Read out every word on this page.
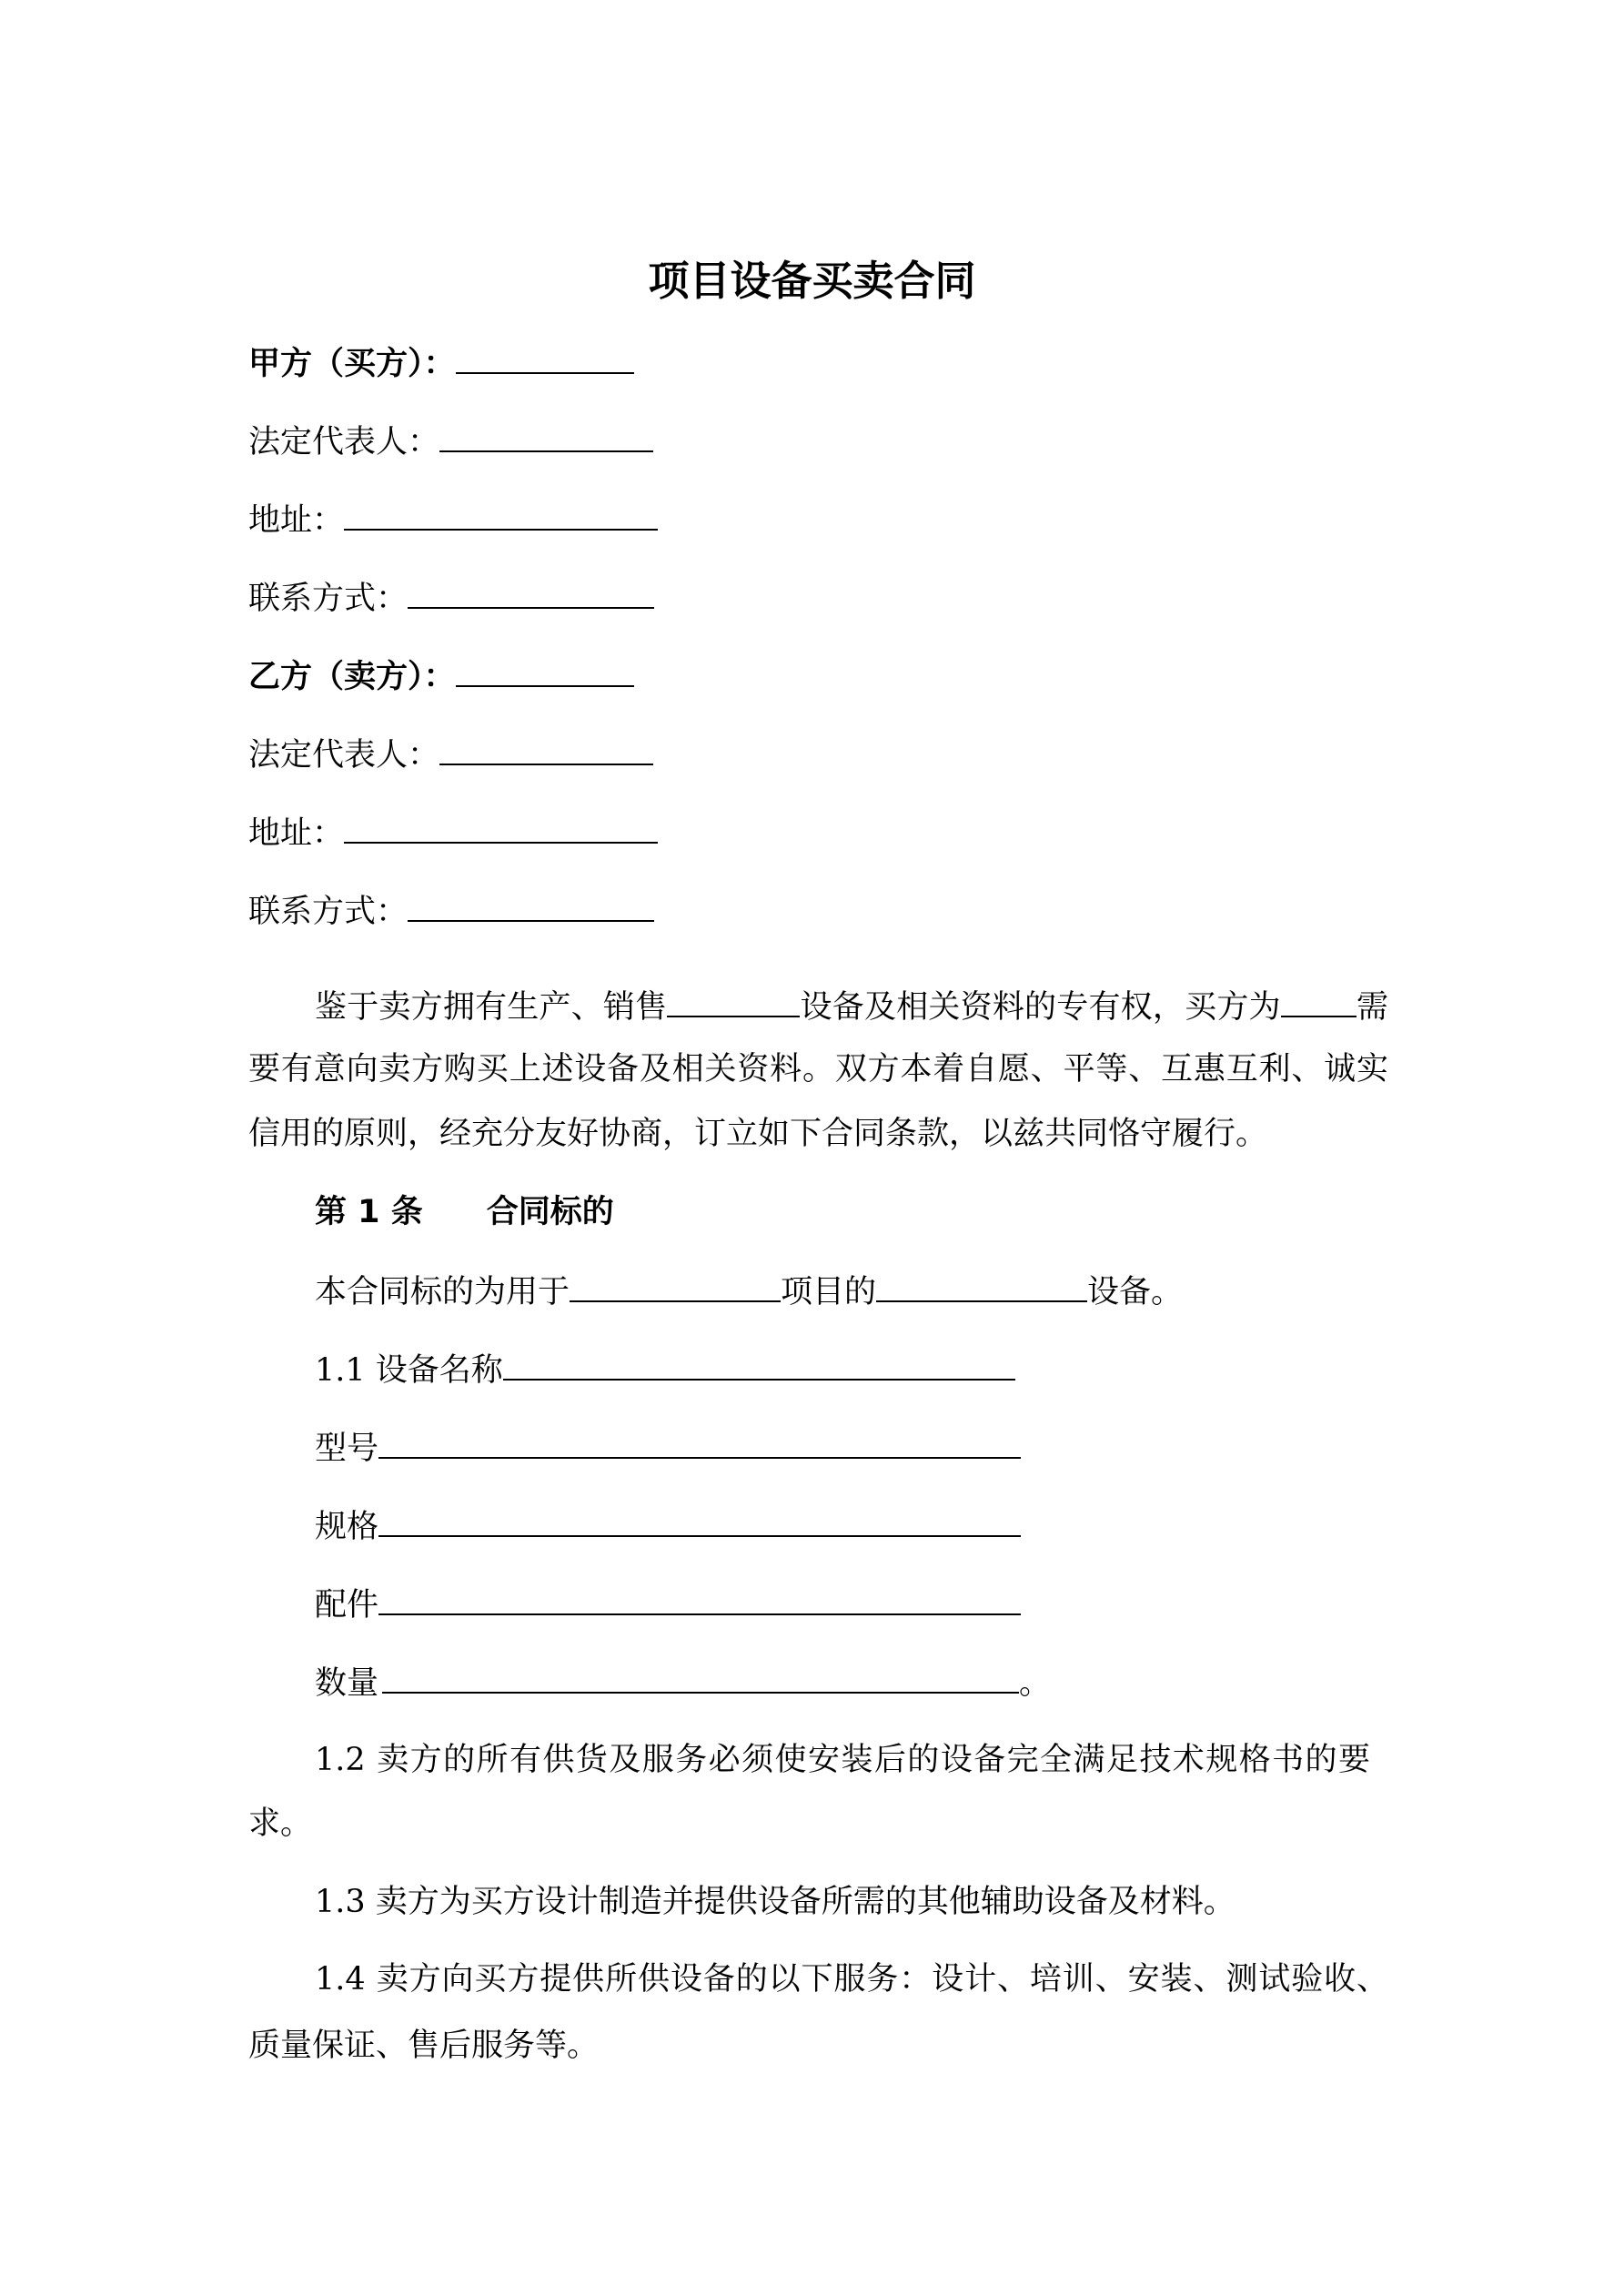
项目设备买卖合同
甲方（买方）：
法定代表人：
地址：
联系方式：
乙方（卖方）：
法定代表人：
地址：
联系方式：
鉴于卖方拥有生产、销售	设备及相关资料的专有权，买方为 需
要有意向卖方购买上述设备及相关资料。双方本着自愿、平等、互惠互利、诚实
信用的原则，经充分友好协商，订立如下合同条款，以兹共同恪守履行。
第 1 条　　合同标的
本合同标的为用于	项目的	设备。
1.1 设备名称
型号
规格
配件
数量	。
1.2 卖方的所有供货及服务必须使安装后的设备完全满足技术规格书的要
求。
1.3 卖方为买方设计制造并提供设备所需的其他辅助设备及材料。
1.4 卖方向买方提供所供设备的以下服务：设计、培训、安装、测试验收、
质量保证、售后服务等。
